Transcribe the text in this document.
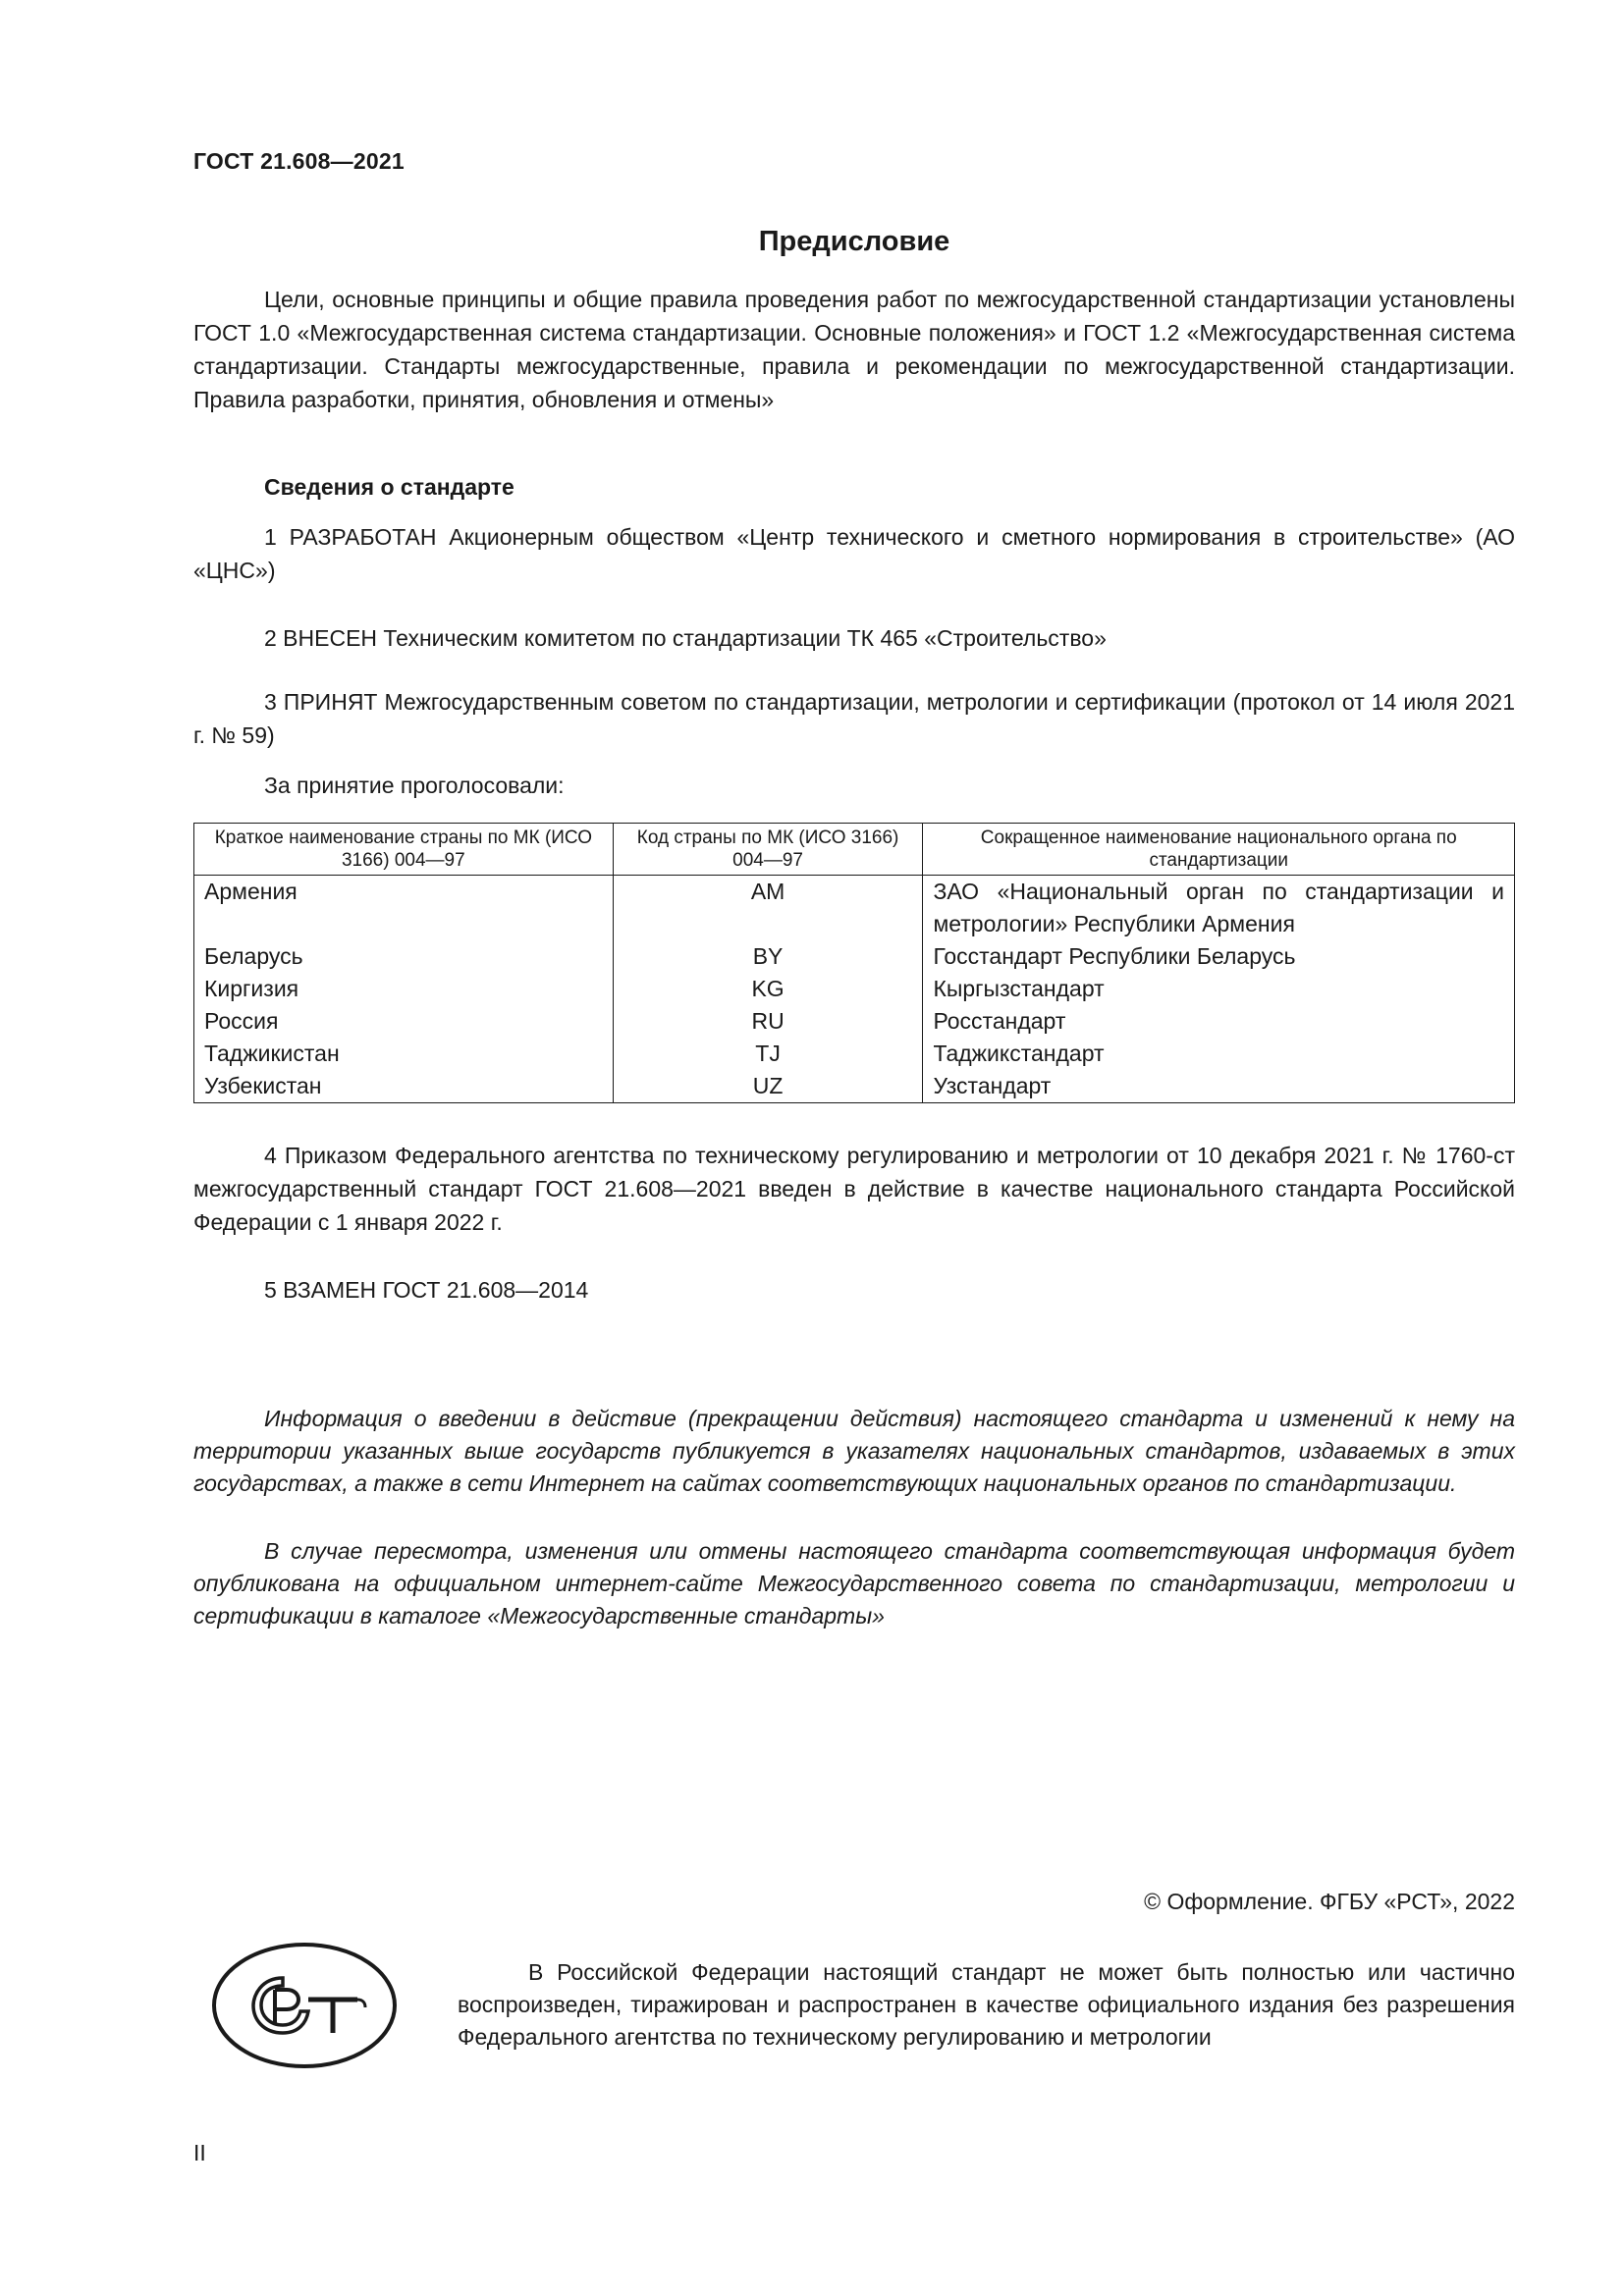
ГОСТ 21.608—2021
Предисловие
Цели, основные принципы и общие правила проведения работ по межгосударственной стандартизации установлены ГОСТ 1.0 «Межгосударственная система стандартизации. Основные положения» и ГОСТ 1.2 «Межгосударственная система стандартизации. Стандарты межгосударственные, правила и рекомендации по межгосударственной стандартизации. Правила разработки, принятия, обновления и отмены»
Сведения о стандарте
1 РАЗРАБОТАН Акционерным обществом «Центр технического и сметного нормирования в строительстве» (АО «ЦНС»)
2 ВНЕСЕН Техническим комитетом по стандартизации ТК 465 «Строительство»
3 ПРИНЯТ Межгосударственным советом по стандартизации, метрологии и сертификации (протокол от 14 июля 2021 г. № 59)
За принятие проголосовали:
Краткое наименование страны по МК (ИСО 3166) 004—97	Код страны по МК (ИСО 3166) 004—97	Сокращенное наименование национального органа по стандартизации
Армения	AM	ЗАО «Национальный орган по стандартизации и метрологии» Республики Армения
Беларусь	BY	Госстандарт Республики Беларусь
Киргизия	KG	Кыргызстандарт
Россия	RU	Росстандарт
Таджикистан	TJ	Таджикстандарт
Узбекистан	UZ	Узстандарт
4 Приказом Федерального агентства по техническому регулированию и метрологии от 10 декабря 2021 г. № 1760-ст межгосударственный стандарт ГОСТ 21.608—2021 введен в действие в качестве национального стандарта Российской Федерации с 1 января 2022 г.
5 ВЗАМЕН ГОСТ 21.608—2014
Информация о введении в действие (прекращении действия) настоящего стандарта и изменений к нему на территории указанных выше государств публикуется в указателях национальных стандартов, издаваемых в этих государствах, а также в сети Интернет на сайтах соответствующих национальных органов по стандартизации.
В случае пересмотра, изменения или отмены настоящего стандарта соответствующая информация будет опубликована на официальном интернет-сайте Межгосударственного совета по стандартизации, метрологии и сертификации в каталоге «Межгосударственные стандарты»
© Оформление. ФГБУ «РСТ», 2022
В Российской Федерации настоящий стандарт не может быть полностью или частично воспроизведен, тиражирован и распространен в качестве официального издания без разрешения Федерального агентства по техническому регулированию и метрологии
II
